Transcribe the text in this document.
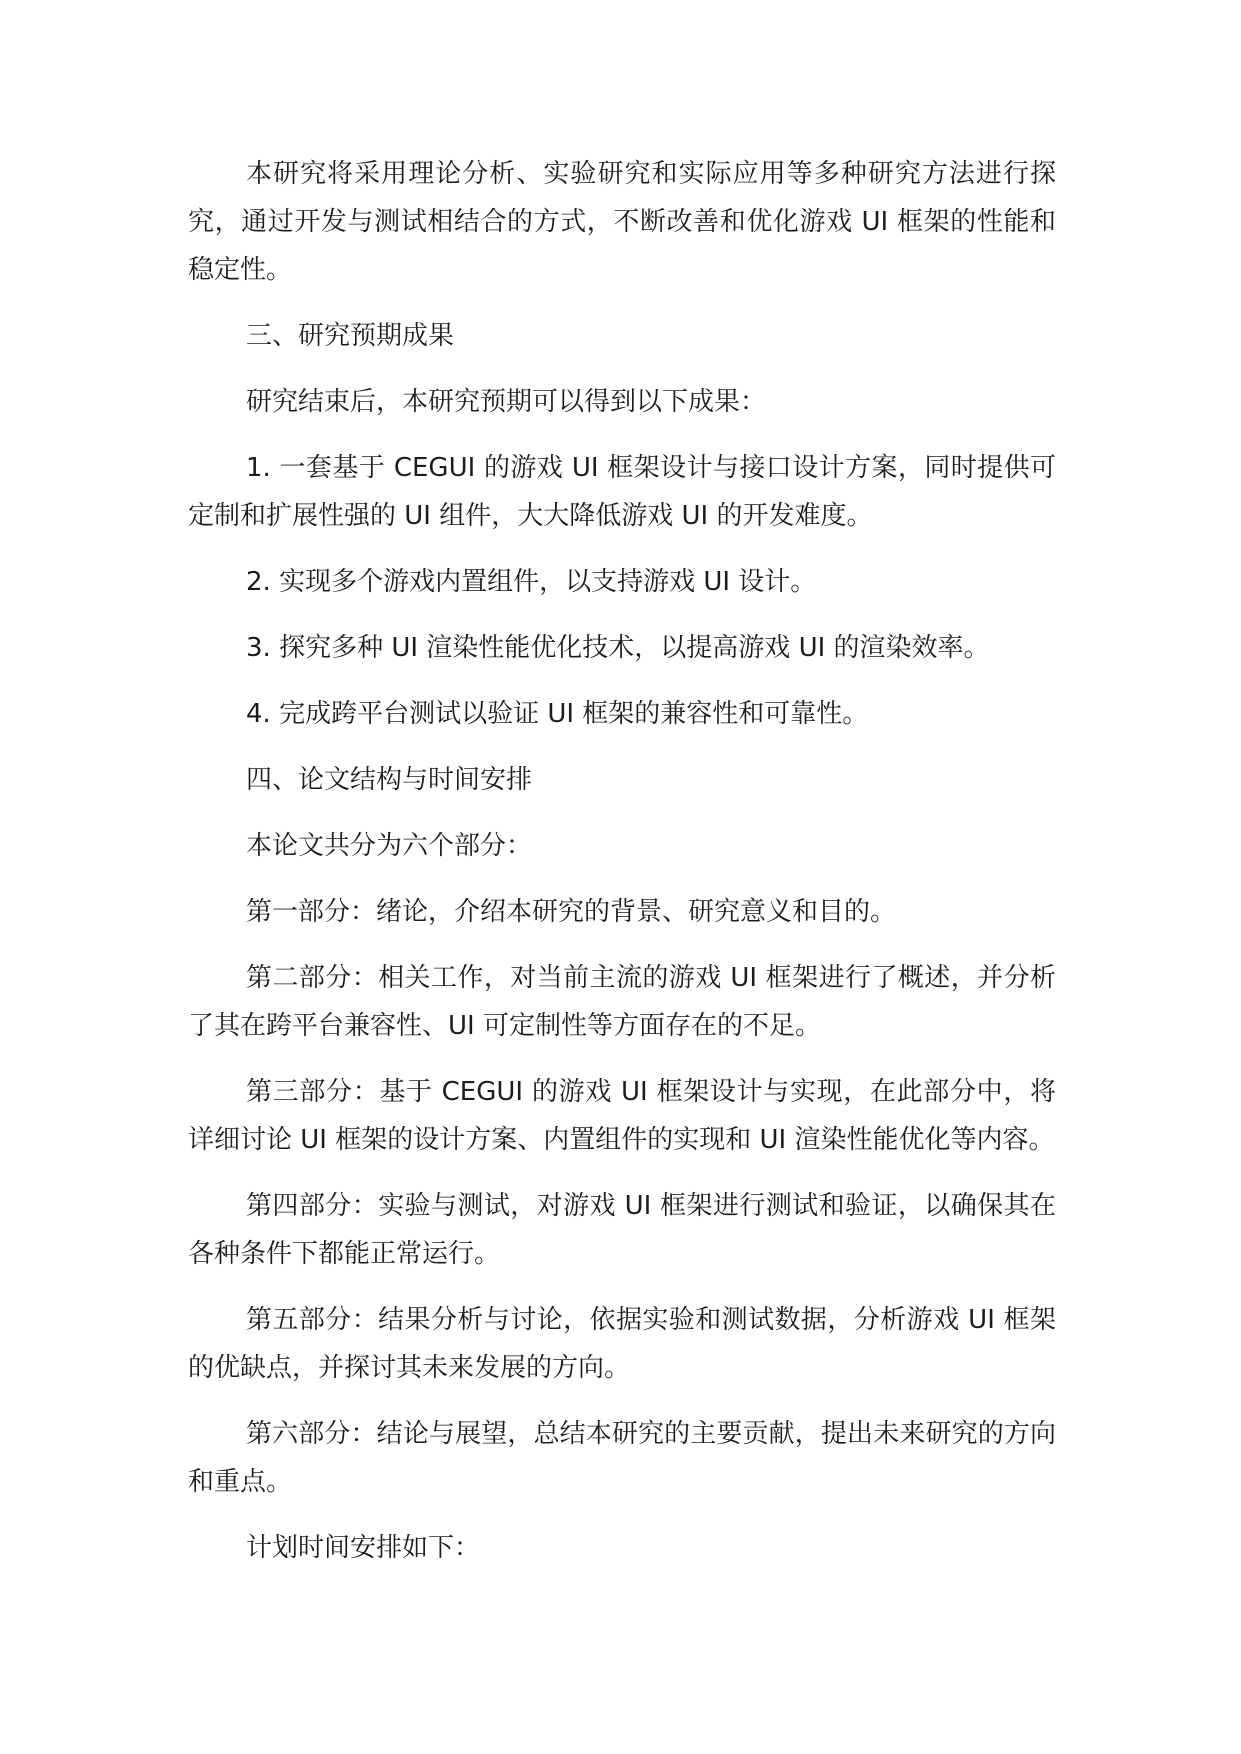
本研究将采用理论分析、实验研究和实际应用等多种研究方法进行探究，通过开发与测试相结合的方式，不断改善和优化游戏 UI 框架的性能和稳定性。

三、研究预期成果

研究结束后，本研究预期可以得到以下成果：

1. 一套基于 CEGUI 的游戏 UI 框架设计与接口设计方案，同时提供可定制和扩展性强的 UI 组件，大大降低游戏 UI 的开发难度。

2. 实现多个游戏内置组件，以支持游戏 UI 设计。

3. 探究多种 UI 渲染性能优化技术，以提高游戏 UI 的渲染效率。

4. 完成跨平台测试以验证 UI 框架的兼容性和可靠性。

四、论文结构与时间安排

本论文共分为六个部分：

第一部分：绪论，介绍本研究的背景、研究意义和目的。

第二部分：相关工作，对当前主流的游戏 UI 框架进行了概述，并分析了其在跨平台兼容性、UI 可定制性等方面存在的不足。

第三部分：基于 CEGUI 的游戏 UI 框架设计与实现，在此部分中，将详细讨论 UI 框架的设计方案、内置组件的实现和 UI 渲染性能优化等内容。

第四部分：实验与测试，对游戏 UI 框架进行测试和验证，以确保其在各种条件下都能正常运行。

第五部分：结果分析与讨论，依据实验和测试数据，分析游戏 UI 框架的优缺点，并探讨其未来发展的方向。

第六部分：结论与展望，总结本研究的主要贡献，提出未来研究的方向和重点。

计划时间安排如下：
